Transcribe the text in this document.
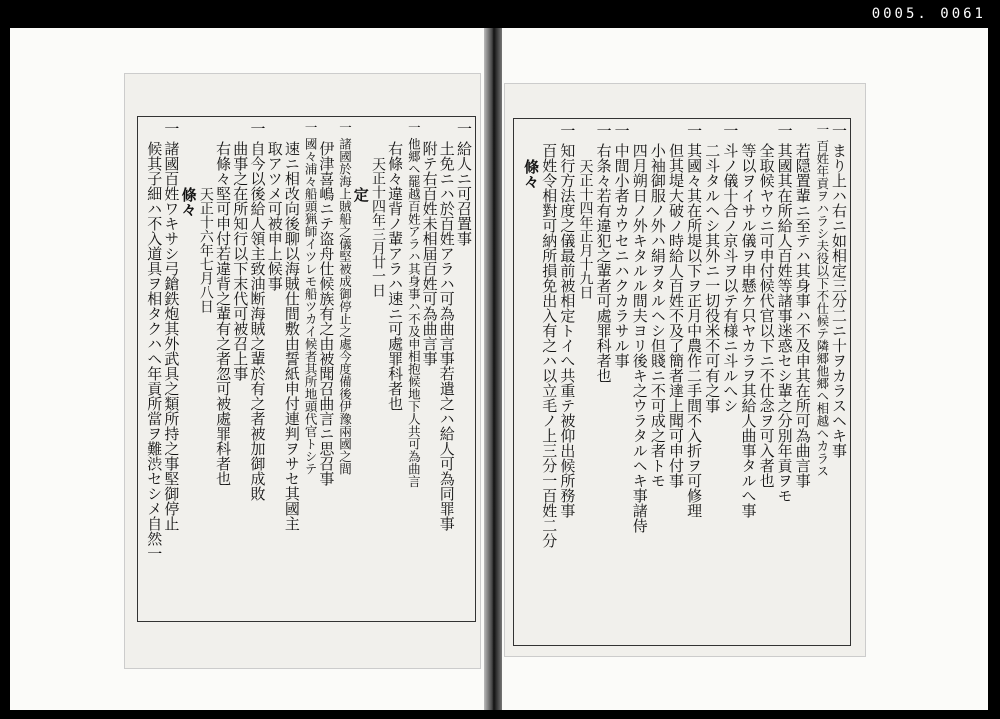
0005. 0061
一 給人ニ可召置事
土免ニハ於百姓アラハ可為曲言事若遣之ハ給人可為同罪事
附テ右百姓未相届百姓可為曲言事
一 他郷ヘ罷越百姓アラハ其身事ハ不及申相抱候地下人共可為曲言
右條々違背ノ輩アラハ速ニ可處罪科者也
天正十四年三月廿一日
定
一 諸國於海上賊船之儀堅被成御停止之處今度備後伊豫兩國之間
伊津喜嶋ニテ盗舟仕候族有之由被聞召曲言ニ思召事
一 國々浦々船頭猟師イツレモ船ツカイ候者其所地頭代官トシテ
速ニ相改向後聊以海賊仕間敷由誓紙申付連判ヲサセ其國主
取アツメ可被申上候事
一 自今以後給人領主致油断海賊之輩於有之者被加御成敗
曲事之在所知行以下末代可被召上事
右條々堅可申付若違背之輩有之者忽可被處罪科者也
天正十六年七月八日
條々
一 諸國百姓ワキサシ弓鎗鉄炮其外武具之類所持之事堅御停止
候其子細ハ不入道具ヲ相タクハヘ年貢所當ヲ難渋セシメ自然一	一 まり上ハ右ニ如相定三分二ニ十ヲカラスヘキ事
一 百姓年貢ヲハラシ夫役以下不仕候テ隣郷他郷ヘ相越ヘカラス
若隠置輩ニ至テハ其身事ハ不及申其在所可為曲言事
一 其國其在所給人百姓等諸事迷惑セシ輩之分別年貢ヲモ
全取候ヤウニ可申付候代官以下ニ不仕念ヲ可入者也
等以ヲイサル儀ヲ申懸ケ只ヤカラヲ其給人曲事タルへ事
一 斗ノ儀十合ノ京斗ヲ以テ有様ニ斗ルへシ
二斗タルヘシ其外ニ一切役米不可有之事
一 其國々其在所堤以下ヲ正月中農作二手間不入折ヲ可修理
但其堤大破ノ時給人百姓不及了簡者達上聞可申付事
小袖御服ノ外ハ絹ヲタルヘシ但賤ニ不可成之者トモ
四月朔日ノ外キタルル間夫ヨリ後キ之ウラタルヘキ事諸侍
一 中間小者カウセニハクカラサル事
一 右条々若有違犯之輩者可處罪科者也
天正十四年正月十九日
一 知行方法度之儀最前被相定トイへ共重テ被仰出候所務事
百姓令相對可納所損免出入有之ハ以立毛ノ上三分一百姓二分
條々
